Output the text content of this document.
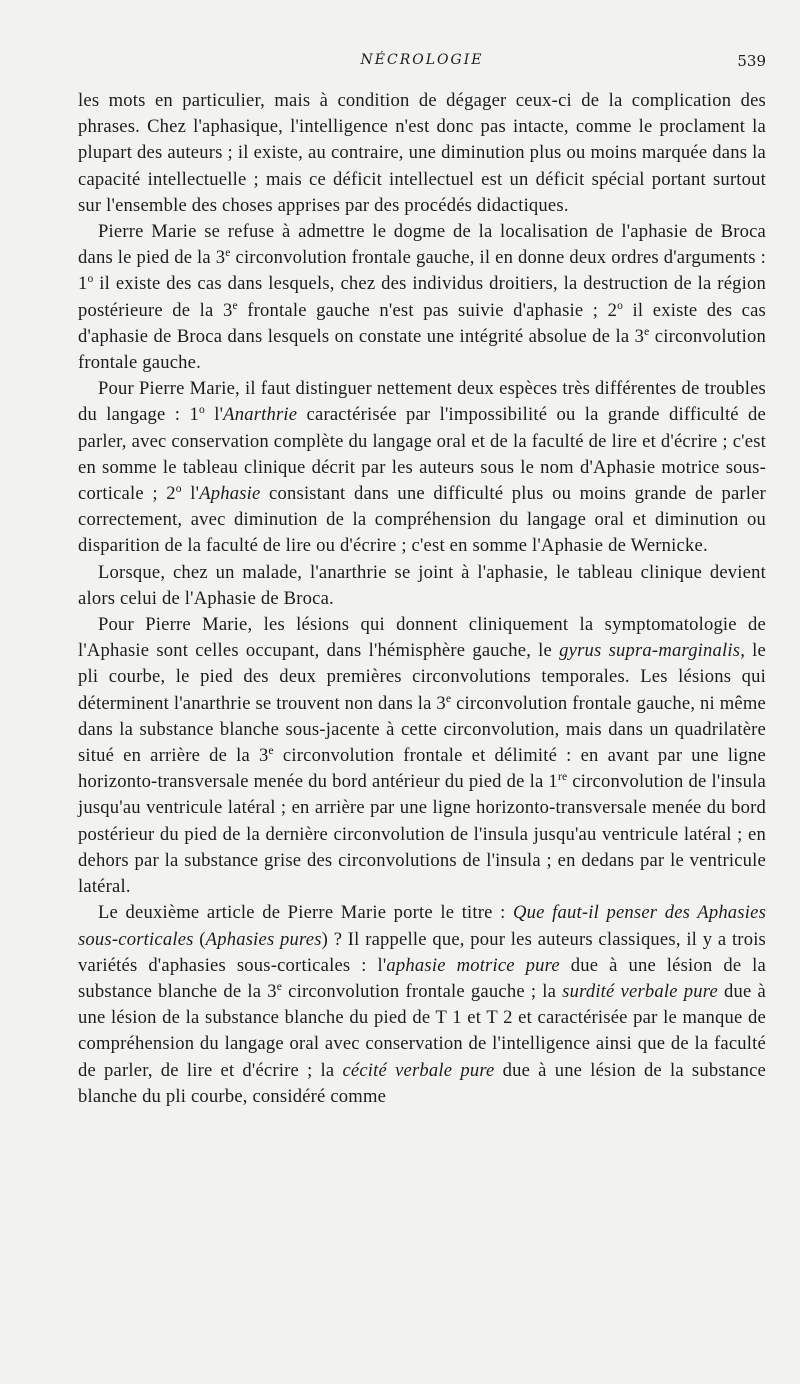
NÉCROLOGIE	539

les mots en particulier, mais à condition de dégager ceux-ci de la complication des phrases. Chez l'aphasique, l'intelligence n'est donc pas intacte, comme le proclament la plupart des auteurs ; il existe, au contraire, une diminution plus ou moins marquée dans la capacité intellectuelle ; mais ce déficit intellectuel est un déficit spécial portant surtout sur l'ensemble des choses apprises par des procédés didactiques.

Pierre Marie se refuse à admettre le dogme de la localisation de l'aphasie de Broca dans le pied de la 3e circonvolution frontale gauche, il en donne deux ordres d'arguments : 1$^o$ il existe des cas dans lesquels, chez des individus droitiers, la destruction de la région postérieure de la 3e frontale gauche n'est pas suivie d'aphasie ; 2$^o$ il existe des cas d'aphasie de Broca dans lesquels on constate une intégrité absolue de la 3e circonvolution frontale gauche.

Pour Pierre Marie, il faut distinguer nettement deux espèces très différentes de troubles du langage : 1$^o$ l'Anarthrie caractérisée par l'impossibilité ou la grande difficulté de parler, avec conservation complète du langage oral et de la faculté de lire et d'écrire ; c'est en somme le tableau clinique décrit par les auteurs sous le nom d'Aphasie motrice sous-corticale ; 2$^o$ l'Aphasie consistant dans une difficulté plus ou moins grande de parler correctement, avec diminution de la compréhension du langage oral et diminution ou disparition de la faculté de lire ou d'écrire ; c'est en somme l'Aphasie de Wernicke.

Lorsque, chez un malade, l'anarthrie se joint à l'aphasie, le tableau clinique devient alors celui de l'Aphasie de Broca.

Pour Pierre Marie, les lésions qui donnent cliniquement la symptomatologie de l'Aphasie sont celles occupant, dans l'hémisphère gauche, le gyrus supra-marginalis, le pli courbe, le pied des deux premières circonvolutions temporales. Les lésions qui déterminent l'anarthrie se trouvent non dans la 3e circonvolution frontale gauche, ni même dans la substance blanche sous-jacente à cette circonvolution, mais dans un quadrilatère situé en arrière de la 3e circonvolution frontale et délimité : en avant par une ligne horizonto-transversale menée du bord antérieur du pied de la 1re circonvolution de l'insula jusqu'au ventricule latéral ; en arrière par une ligne horizonto-transversale menée du bord postérieur du pied de la dernière circonvolution de l'insula jusqu'au ventricule latéral ; en dehors par la substance grise des circonvolutions de l'insula ; en dedans par le ventricule latéral.

Le deuxième article de Pierre Marie porte le titre : Que faut-il penser des Aphasies sous-corticales (Aphasies pures) ? Il rappelle que, pour les auteurs classiques, il y a trois variétés d'aphasies sous-corticales : l'aphasie motrice pure due à une lésion de la substance blanche de la 3e circonvolution frontale gauche ; la surdité verbale pure due à une lésion de la substance blanche du pied de T 1 et T 2 et caractérisée par le manque de compréhension du langage oral avec conservation de l'intelligence ainsi que de la faculté de parler, de lire et d'écrire ; la cécité verbale pure due à une lésion de la substance blanche du pli courbe, considéré comme
